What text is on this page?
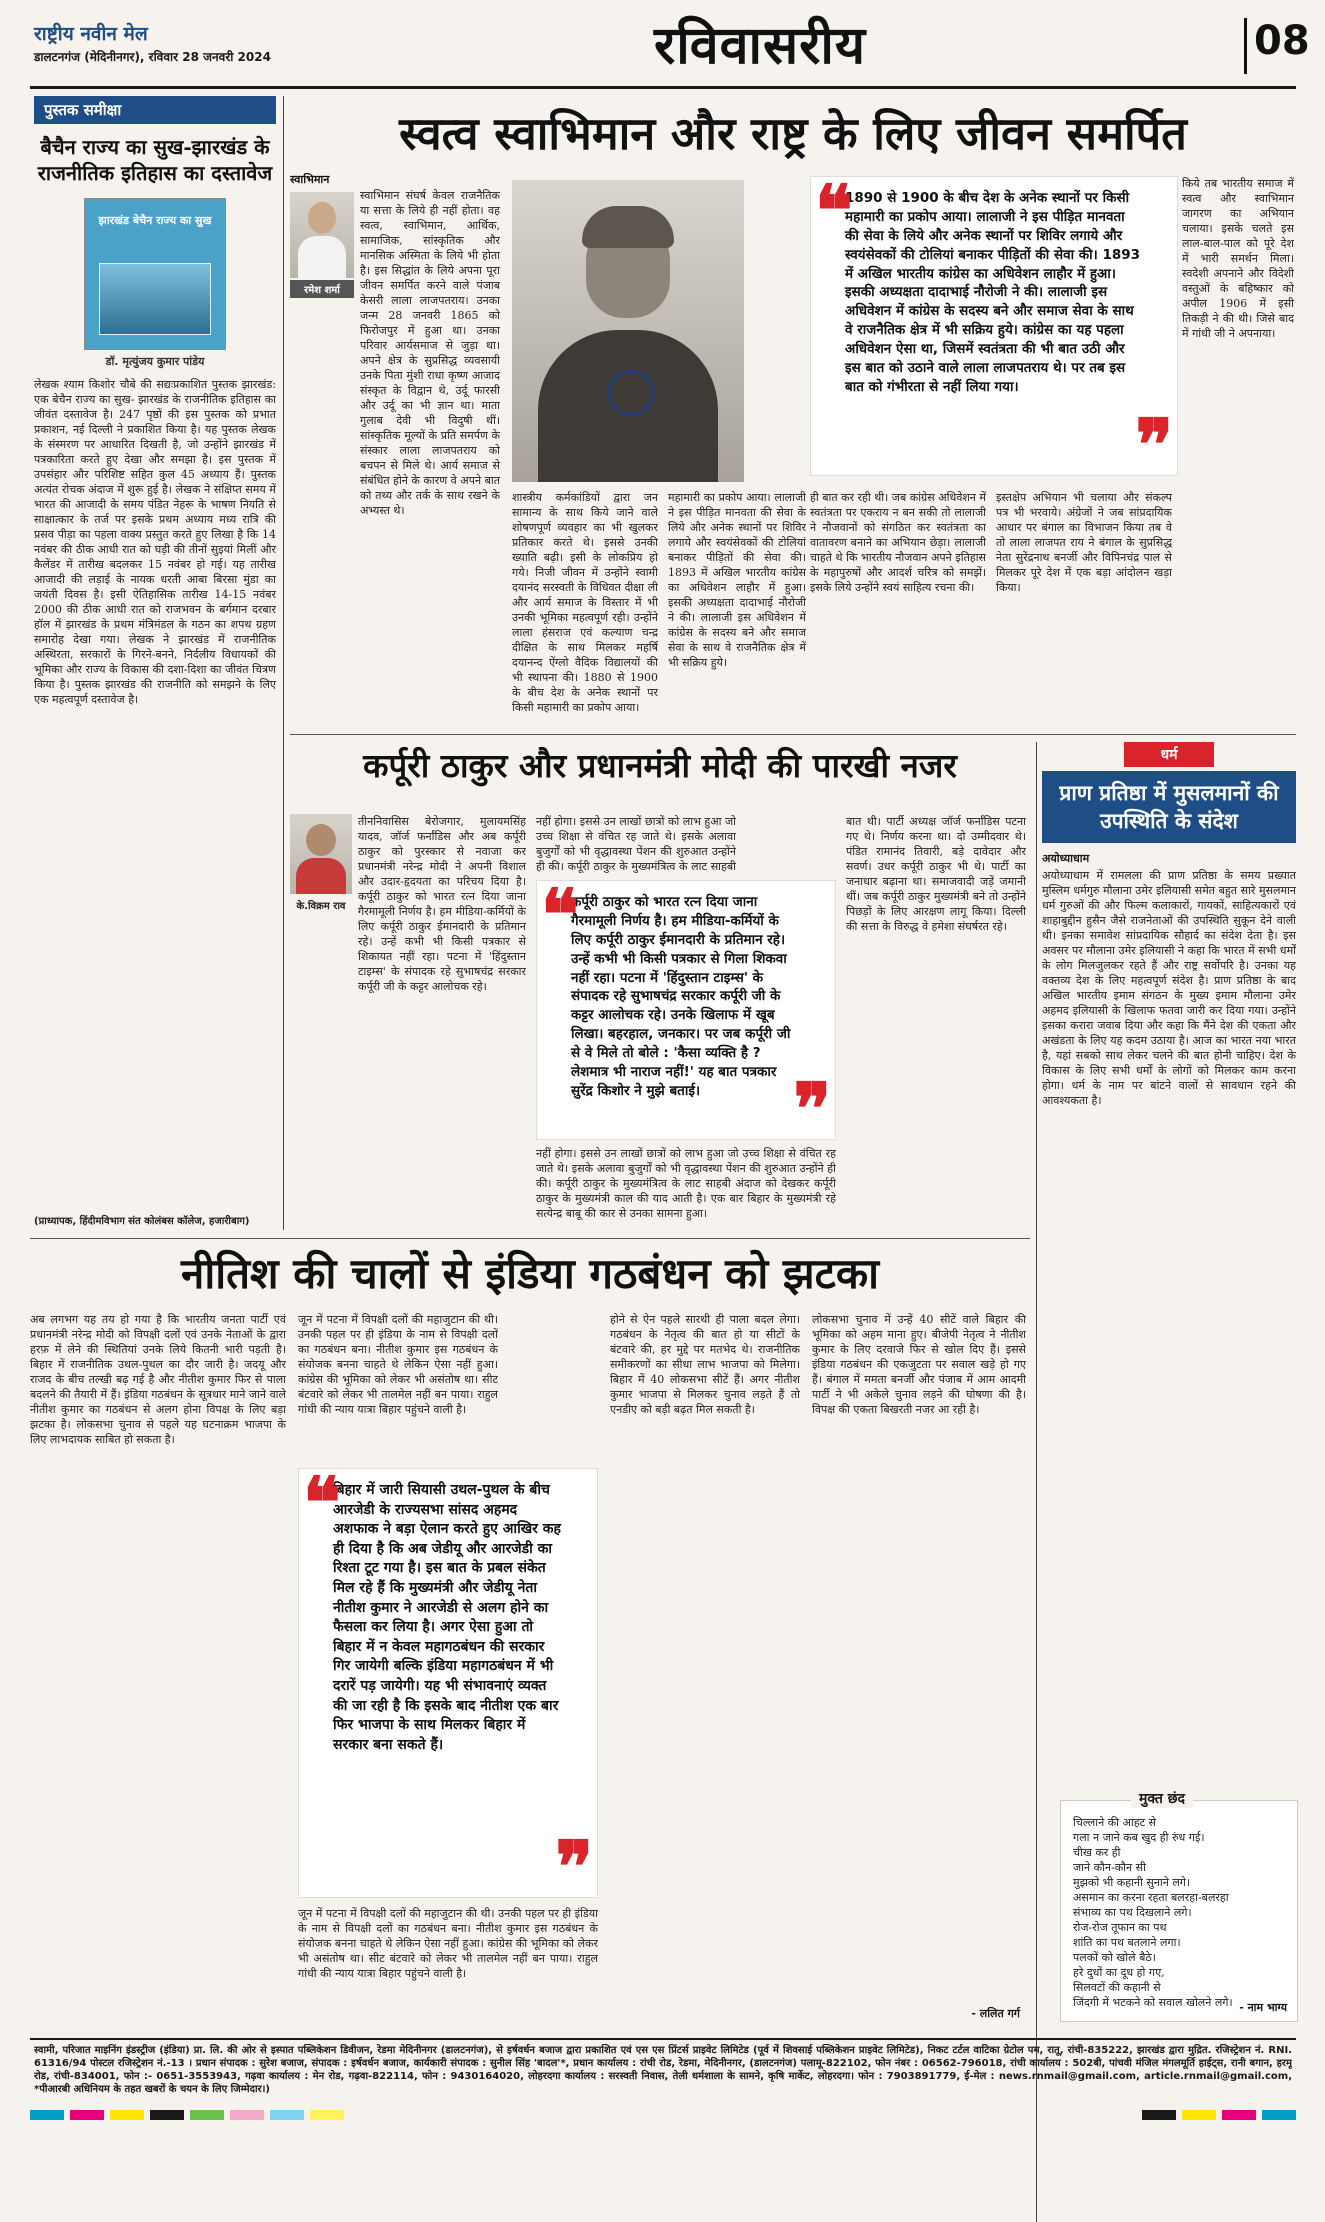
राष्ट्रीय नवीन मेल
डालटनगंज (मेदिनीनगर), रविवार 28 जनवरी 2024	रविवासरीय	08
पुस्तक समीक्षा
बैचैन राज्य का सुख-झारखंड के राजनीतिक इतिहास का दस्तावेज
झारखंड बेचैन राज्य का सुख
डॉ. मृत्युंजय कुमार पांडेय
लेखक श्याम किशोर चौबे की सद्यःप्रकाशित पुस्तक झारखंड: एक बेचैन राज्य का सुख- झारखंड के राजनीतिक इतिहास का जीवंत दस्तावेज है। 247 पृष्ठों की इस पुस्तक को प्रभात प्रकाशन, नई दिल्ली ने प्रकाशित किया है। यह पुस्तक लेखक के संस्मरण पर आधारित दिखती है, जो उन्होंने झारखंड में पत्रकारिता करते हुए देखा और समझा है। इस पुस्तक में उपसंहार और परिशिष्ट सहित कुल 45 अध्याय हैं। पुस्तक अत्यंत रोचक अंदाज में शुरू हुई है। लेखक ने संक्षिप्त समय में भारत की आजादी के समय पंडित नेहरू के भाषण नियति से साक्षात्कार के तर्ज पर इसके प्रथम अध्याय मध्य रात्रि की प्रसव पीड़ा का पहला वाक्य प्रस्तुत करते हुए लिखा है कि 14 नवंबर की ठीक आधी रात को घड़ी की तीनों सुइयां मिलीं और कैलेंडर में तारीख बदलकर 15 नवंबर हो गई। यह तारीख आजादी की लड़ाई के नायक धरती आबा बिरसा मुंडा का जयंती दिवस है। इसी ऐतिहासिक तारीख 14-15 नवंबर 2000 की ठीक आधी रात को राजभवन के बर्गमान दरबार हॉल में झारखंड के प्रथम मंत्रिमंडल के गठन का शपथ ग्रहण समारोह देखा गया। लेखक ने झारखंड में राजनीतिक अस्थिरता, सरकारों के गिरने-बनने, निर्दलीय विधायकों की भूमिका और राज्य के विकास की दशा-दिशा का जीवंत चित्रण किया है। पुस्तक झारखंड की राजनीति को समझने के लिए एक महत्वपूर्ण दस्तावेज है।
(प्राध्यापक, हिंदीमविभाग संत कोलंबस कॉलेज, हजारीबाग)
स्वत्व स्वाभिमान और राष्ट्र के लिए जीवन समर्पित
स्वाभिमान
रमेश शर्मा
स्वाभिमान संघर्ष केवल राजनैतिक या सत्ता के लिये ही नहीं होता। वह स्वत्व, स्वाभिमान, आर्थिक, सामाजिक, सांस्कृतिक और मानसिक अस्मिता के लिये भी होता है। इस सिद्धांत के लिये अपना पूरा जीवन समर्पित करने वाले पंजाब केसरी लाला लाजपतराय। उनका जन्म 28 जनवरी 1865 को फिरोजपुर में हुआ था। उनका परिवार आर्यसमाज से जुड़ा था। अपने क्षेत्र के सुप्रसिद्ध व्यवसायी उनके पिता मुंशी राधा कृष्ण आजाद संस्कृत के विद्वान थे, उर्दू फारसी और उर्दू का भी ज्ञान था। माता गुलाब देवी भी विदुषी थीं। सांस्कृतिक मूल्यों के प्रति समर्पण के संस्कार लाला लाजपतराय को बचपन से मिले थे। आर्य समाज से संबंधित होने के कारण वे अपने बात को तथ्य और तर्क के साथ रखने के अभ्यस्त थे।
शास्त्रीय कर्मकांडियों द्वारा जन सामान्य के साथ किये जाने वाले शोषणपूर्ण व्यवहार का भी खुलकर प्रतिकार करते थे। इससे उनकी ख्याति बढ़ी। इसी के लोकप्रिय हो गये। निजी जीवन में उन्होंने स्वामी दयानंद सरस्वती के विधिवत दीक्षा ली और आर्य समाज के विस्तार में भी उनकी भूमिका महत्वपूर्ण रही। उन्होंने लाला हंसराज एवं कल्याण चन्द्र दीक्षित के साथ मिलकर महर्षि दयानन्द ऐंग्लो वैदिक विद्यालयों की भी स्थापना की। 1880 से 1900 के बीच देश के अनेक स्थानों पर किसी महामारी का प्रकोप आया।
महामारी का प्रकोप आया। लालाजी ने इस पीड़ित मानवता की सेवा के लिये और अनेक स्थानों पर शिविर लगाये और स्वयंसेवकों की टोलियां बनाकर पीड़ितों की सेवा की। 1893 में अखिल भारतीय कांग्रेस का अधिवेशन लाहौर में हुआ। इसकी अध्यक्षता दादाभाई नौरोजी ने की। लालाजी इस अधिवेशन में कांग्रेस के सदस्य बने और समाज सेवा के साथ वे राजनैतिक क्षेत्र में भी सक्रिय हुये।
❝
1890 से 1900 के बीच देश के अनेक स्थानों पर किसी महामारी का प्रकोप आया। लालाजी ने इस पीड़ित मानवता की सेवा के लिये और अनेक स्थानों पर शिविर लगाये और स्वयंसेवकों की टोलियां बनाकर पीड़ितों की सेवा की। 1893 में अखिल भारतीय कांग्रेस का अधिवेशन लाहौर में हुआ। इसकी अध्यक्षता दादाभाई नौरोजी ने की। लालाजी इस अधिवेशन में कांग्रेस के सदस्य बने और समाज सेवा के साथ वे राजनैतिक क्षेत्र में भी सक्रिय हुये। कांग्रेस का यह पहला अधिवेशन ऐसा था, जिसमें स्वतंत्रता की भी बात उठी और इस बात को उठाने वाले लाला लाजपतराय थे। पर तब इस बात को गंभीरता से नहीं लिया गया।
❞
ही बात कर रही थी। जब कांग्रेस अधिवेशन में स्वतंत्रता पर एकराय न बन सकी तो लालाजी ने नौजवानों को संगठित कर स्वतंत्रता का वातावरण बनाने का अभियान छेड़ा। लालाजी चाहते थे कि भारतीय नौजवान अपने इतिहास के महापुरुषों और आदर्श चरित्र को समझें। इसके लिये उन्होंने स्वयं साहित्य रचना की।
इस्तक्षेप अभियान भी चलाया और संकल्प पत्र भी भरवाये। अंग्रेजों ने जब सांप्रदायिक आधार पर बंगाल का विभाजन किया तब वे तो लाला लाजपत राय ने बंगाल के सुप्रसिद्ध नेता सुरेंद्रनाथ बनर्जी और विपिनचंद्र पाल से मिलकर पूरे देश में एक बड़ा आंदोलन खड़ा किया।
किये तब भारतीय समाज में स्वत्व और स्वाभिमान जागरण का अभियान चलाया। इसके चलते इस लाल-बाल-पाल को पूरे देश में भारी समर्थन मिला। स्वदेशी अपनाने और विदेशी वस्तुओं के बहिष्कार को अपील 1906 में इसी तिकड़ी ने की थी। जिसे बाद में गांधी जी ने अपनाया।
कर्पूरी ठाकुर और प्रधानमंत्री मोदी की पारखी नजर
के.विक्रम राव
तीननिवासिस बेरोजगार, मुलायमसिंह यादव, जॉर्ज फर्नांडिस और अब कर्पूरी ठाकुर को पुरस्कार से नवाजा कर प्रधानमंत्री नरेन्द्र मोदी ने अपनी विशाल और उदार-हृदयता का परिचय दिया है। कर्पूरी ठाकुर को भारत रत्न दिया जाना गैरमामूली निर्णय है। हम मीडिया-कर्मियों के लिए कर्पूरी ठाकुर ईमानदारी के प्रतिमान रहे। उन्हें कभी भी किसी पत्रकार से शिकायत नहीं रहा। पटना में 'हिंदुस्तान टाइम्स' के संपादक रहे सुभाषचंद्र सरकार कर्पूरी जी के कट्टर आलोचक रहे।
नहीं होगा। इससे उन लाखों छात्रों को लाभ हुआ जो उच्च शिक्षा से वंचित रह जाते थे। इसके अलावा बुजुर्गों को भी वृद्धावस्था पेंशन की शुरुआत उन्होंने ही की। कर्पूरी ठाकुर के मुख्यमंत्रित्व के लाट साहबी
❝
कर्पूरी ठाकुर को भारत रत्न दिया जाना गैरमामूली निर्णय है। हम मीडिया-कर्मियों के लिए कर्पूरी ठाकुर ईमानदारी के प्रतिमान रहे। उन्हें कभी भी किसी पत्रकार से गिला शिकवा नहीं रहा। पटना में 'हिंदुस्तान टाइम्स' के संपादक रहे सुभाषचंद्र सरकार कर्पूरी जी के कट्टर आलोचक रहे। उनके खिलाफ में खूब लिखा। बहरहाल, जनकार। पर जब कर्पूरी जी से वे मिले तो बोले : 'कैसा व्यक्ति है ? लेशमात्र भी नाराज नहीं!' यह बात पत्रकार सुरेंद्र किशोर ने मुझे बताई।	❞
नहीं होगा। इससे उन लाखों छात्रों को लाभ हुआ जो उच्च शिक्षा से वंचित रह जाते थे। इसके अलावा बुजुर्गों को भी वृद्धावस्था पेंशन की शुरुआत उन्होंने ही की। कर्पूरी ठाकुर के मुख्यमंत्रित्व के लाट साहबी अंदाज को देखकर कर्पूरी ठाकुर के मुख्यमंत्री काल की याद आती है। एक बार बिहार के मुख्यमंत्री रहे सत्येन्द्र बाबू की कार से उनका सामना हुआ।
बात थी। पार्टी अध्यक्ष जॉर्ज फर्नांडिस पटना गए थे। निर्णय करना था। दो उम्मीदवार थे। पंडित रामानंद तिवारी, बड़े दावेदार और सवर्ण। उधर कर्पूरी ठाकुर भी थे। पार्टी का जनाधार बढ़ाना था। समाजवादी जड़ें जमानी थीं। जब कर्पूरी ठाकुर मुख्यमंत्री बने तो उन्होंने पिछड़ों के लिए आरक्षण लागू किया। दिल्ली की सत्ता के विरुद्ध वे हमेशा संघर्षरत रहे।
धर्म
प्राण प्रतिष्ठा में मुसलमानों की उपस्थिति के संदेश
अयोध्याधाम
अयोध्याधाम में रामलला की प्राण प्रतिष्ठा के समय प्रख्यात मुस्लिम धर्मगुरु मौलाना उमेर इलियासी समेत बहुत सारे मुसलमान धर्म गुरुओं की और फिल्म कलाकारों, गायकों, साहित्यकारों एवं शाहाबुद्दीन हुसैन जैसे राजनेताओं की उपस्थिति सुकून देने वाली थी। इनका समावेश सांप्रदायिक सौहार्द का संदेश देता है। इस अवसर पर मौलाना उमेर इलियासी ने कहा कि भारत में सभी धर्मों के लोग मिलजुलकर रहते हैं और राष्ट्र सर्वोपरि है। उनका यह वक्तव्य देश के लिए महत्वपूर्ण संदेश है। प्राण प्रतिष्ठा के बाद अखिल भारतीय इमाम संगठन के मुख्य इमाम मौलाना उमेर अहमद इलियासी के खिलाफ फतवा जारी कर दिया गया। उन्होंने इसका करारा जवाब दिया और कहा कि मैंने देश की एकता और अखंडता के लिए यह कदम उठाया है। आज का भारत नया भारत है, यहां सबको साथ लेकर चलने की बात होनी चाहिए। देश के विकास के लिए सभी धर्मों के लोगों को मिलकर काम करना होगा। धर्म के नाम पर बांटने वालों से सावधान रहने की आवश्यकता है।
मुक्त छंद
चिल्लाने की आहट से
गला न जाने कब खुद ही रुंध गई।
चीख कर ही
जाने कौन-कौन सी
मुझको भी कहानी सुनाने लगे।
असमान का करना रहता बलरहा-बलरहा
संभाव्य का पथ दिखलाने लगे।
रोज-रोज तूफान का पथ
शांति का पथ बतलाने लगा।
पलकों को खोले बैठे।
हरे दुधों का दूध हो गए,
सिलवटों की कहानी से
जिंदगी में भटकने को सवाल खोलने लगे। - नाम भाग्य
नीतिश की चालों से इंडिया गठबंधन को झटका
अब लगभग यह तय हो गया है कि भारतीय जनता पार्टी एवं प्रधानमंत्री नरेन्द्र मोदी को विपक्षी दलों एवं उनके नेताओं के द्वारा हरफ़ में लेने की स्थितियां उनके लिये कितनी भारी पड़ती है। बिहार में राजनीतिक उथल-पुथल का दौर जारी है। जदयू और राजद के बीच तल्खी बढ़ गई है और नीतीश कुमार फिर से पाला बदलने की तैयारी में हैं। इंडिया गठबंधन के सूत्रधार माने जाने वाले नीतीश कुमार का गठबंधन से अलग होना विपक्ष के लिए बड़ा झटका है। लोकसभा चुनाव से पहले यह घटनाक्रम भाजपा के लिए लाभदायक साबित हो सकता है।
जून में पटना में विपक्षी दलों की महाजुटान की थी। उनकी पहल पर ही इंडिया के नाम से विपक्षी दलों का गठबंधन बना। नीतीश कुमार इस गठबंधन के संयोजक बनना चाहते थे लेकिन ऐसा नहीं हुआ। कांग्रेस की भूमिका को लेकर भी असंतोष था। सीट बंटवारे को लेकर भी तालमेल नहीं बन पाया। राहुल गांधी की न्याय यात्रा बिहार पहुंचने वाली है।
❝
बिहार में जारी सियासी उथल-पुथल के बीच आरजेडी के राज्यसभा सांसद अहमद अशफाक ने बड़ा ऐलान करते हुए आखिर कह ही दिया है कि अब जेडीयू और आरजेडी का रिश्ता टूट गया है। इस बात के प्रबल संकेत मिल रहे हैं कि मुख्यमंत्री और जेडीयू नेता नीतीश कुमार ने आरजेडी से अलग होने का फैसला कर लिया है। अगर ऐसा हुआ तो बिहार में न केवल महागठबंधन की सरकार गिर जायेगी बल्कि इंडिया महागठबंधन में भी दरारें पड़ जायेगी। यह भी संभावनाएं व्यक्त की जा रही है कि इसके बाद नीतीश एक बार फिर भाजपा के साथ मिलकर बिहार में सरकार बना सकते हैं।
❞
जून में पटना में विपक्षी दलों की महाजुटान की थी। उनकी पहल पर ही इंडिया के नाम से विपक्षी दलों का गठबंधन बना। नीतीश कुमार इस गठबंधन के संयोजक बनना चाहते थे लेकिन ऐसा नहीं हुआ। कांग्रेस की भूमिका को लेकर भी असंतोष था। सीट बंटवारे को लेकर भी तालमेल नहीं बन पाया। राहुल गांधी की न्याय यात्रा बिहार पहुंचने वाली है।
होने से ऐन पहले सारथी ही पाला बदल लेगा। गठबंधन के नेतृत्व की बात हो या सीटों के बंटवारे की, हर मुद्दे पर मतभेद थे। राजनीतिक समीकरणों का सीधा लाभ भाजपा को मिलेगा। बिहार में 40 लोकसभा सीटें हैं। अगर नीतीश कुमार भाजपा से मिलकर चुनाव लड़ते हैं तो एनडीए को बड़ी बढ़त मिल सकती है।
लोकसभा चुनाव में उन्हें 40 सीटें वाले बिहार की भूमिका को अहम माना हुए। बीजेपी नेतृत्व ने नीतीश कुमार के लिए दरवाजे फिर से खोल दिए हैं। इससे इंडिया गठबंधन की एकजुटता पर सवाल खड़े हो गए हैं। बंगाल में ममता बनर्जी और पंजाब में आम आदमी पार्टी ने भी अकेले चुनाव लड़ने की घोषणा की है। विपक्ष की एकता बिखरती नजर आ रही है।
- ललित गर्ग
स्वामी, परिजात माइनिंग इंडस्ट्रीज (इंडिया) प्रा. लि. की ओर से इस्पात पब्लिकेशन डिवीजन, रेडमा मेदिनीनगर (डालटनगंज), से इर्षवर्धन बजाज द्वारा प्रकाशित एवं एस एस प्रिंटर्स प्राइवेट लिमिटेड (पूर्व में शिवसाई पब्लिकेशन प्राइवेट लिमिटेड), निकट टर्टल वाटिका ग्रेटोल पम, रातू, रांची-835222, झारखंड द्वारा मुद्रित. रजिस्ट्रेशन नं. RNI. 61316/94 पोस्टल रजिस्ट्रेशन नं.-13 । प्रधान संपादक : सुरेश बजाज, संपादक : इर्षवर्धन बजाज, कार्यकारी संपादक : सुनील सिंह 'बादल'*, प्रधान कार्यालय : रांची रोड, रेडमा, मेदिनीनगर, (डालटनगंज) पलामू-822102, फोन नंबर : 06562-796018, रांची कार्यालय : 502बी, पांचवी मंजिल मंगलमूर्ति हाईट्स, रानी बगान, हरमू रोड, रांची-834001, फोन :- 0651-3553943, गढ़वा कार्यालय : मेन रोड, गढ़वा-822114, फोन : 9430164020, लोहरदगा कार्यालय : सरस्वती निवास, तेली धर्मशाला के सामने, कृषि मार्केट, लोहरदगा। फोन : 7903891779, ई-मेल : news.rnmail@gmail.com, article.rnmail@gmail.com, *पीआरबी अधिनियम के तहत खबरों के चयन के लिए जिम्मेदार।)
